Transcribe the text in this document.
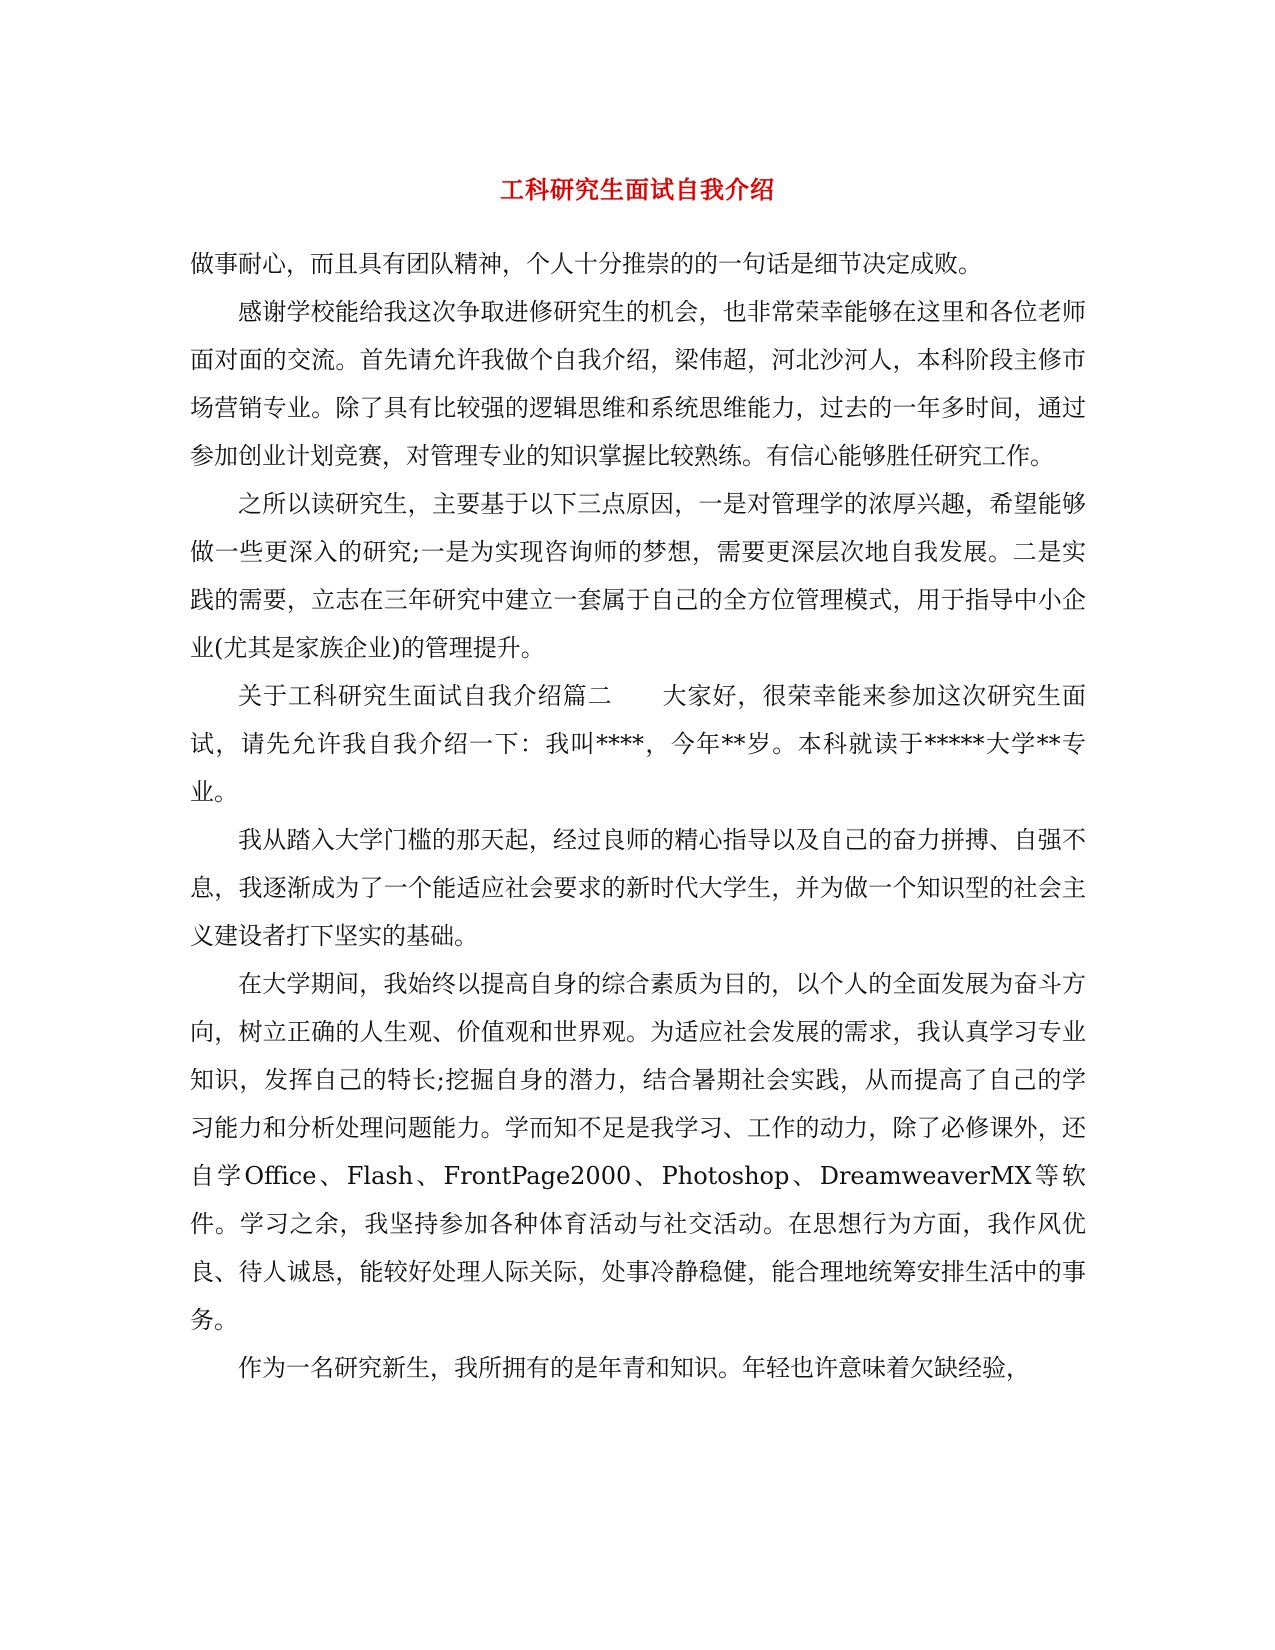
工科研究生面试自我介绍

做事耐心，而且具有团队精神，个人十分推崇的的一句话是细节决定成败。

感谢学校能给我这次争取进修研究生的机会，也非常荣幸能够在这里和各位老师面对面的交流。首先请允许我做个自我介绍，梁伟超，河北沙河人，本科阶段主修市场营销专业。除了具有比较强的逻辑思维和系统思维能力，过去的一年多时间，通过参加创业计划竞赛，对管理专业的知识掌握比较熟练。有信心能够胜任研究工作。

之所以读研究生，主要基于以下三点原因，一是对管理学的浓厚兴趣，希望能够做一些更深入的研究;一是为实现咨询师的梦想，需要更深层次地自我发展。二是实践的需要，立志在三年研究中建立一套属于自己的全方位管理模式，用于指导中小企业(尤其是家族企业)的管理提升。

关于工科研究生面试自我介绍篇二　　大家好，很荣幸能来参加这次研究生面试，请先允许我自我介绍一下：我叫****，今年**岁。本科就读于*****大学**专业。

我从踏入大学门槛的那天起，经过良师的精心指导以及自己的奋力拼搏、自强不息，我逐渐成为了一个能适应社会要求的新时代大学生，并为做一个知识型的社会主义建设者打下坚实的基础。

在大学期间，我始终以提高自身的综合素质为目的，以个人的全面发展为奋斗方向，树立正确的人生观、价值观和世界观。为适应社会发展的需求，我认真学习专业知识，发挥自己的特长;挖掘自身的潜力，结合暑期社会实践，从而提高了自己的学习能力和分析处理问题能力。学而知不足是我学习、工作的动力，除了必修课外，还自学Office、Flash、FrontPage2000、Photoshop、DreamweaverMX等软件。学习之余，我坚持参加各种体育活动与社交活动。在思想行为方面，我作风优良、待人诚恳，能较好处理人际关际，处事冷静稳健，能合理地统筹安排生活中的事务。

作为一名研究新生，我所拥有的是年青和知识。年轻也许意味着欠缺经验，
